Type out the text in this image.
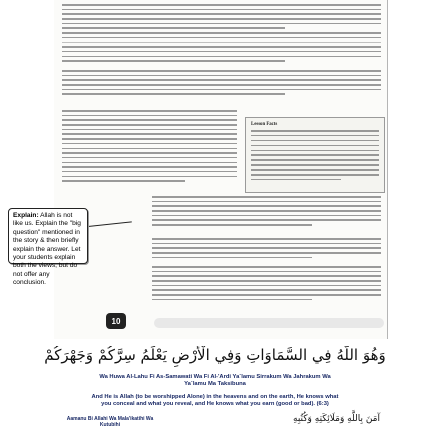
Lesson Facts
10
Explain: Allah is not like us. Explain the "big question" mentioned in the story & then briefly explain the answer. Let your students explain both the views, but do not offer any conclusion.
وَهُوَ اللَّهُ فِي السَّمَاوَاتِ وَفِي الْأَرْضِ يَعْلَمُ سِرَّكُمْ وَجَهْرَكُمْ
Wa Huwa Al-Lahu Fi As-Samawati Wa Fi Al-'Ardi Ya`lamu Sirrakum Wa Jahrakum Wa
Ya`lamu Ma Taksibuna
And He is Allah (to be worshipped Alone) in the heavens and on the earth, He knows what
you conceal and what you reveal, and He knows what you earn (good or bad). (6:3)
Aamanu Bi Allahi Wa Mala'ikatihi Wa
Kutubihi
آمَنَ بِاللَّهِ وَمَلَائِكَتِهِ وَكُتُبِهِ
